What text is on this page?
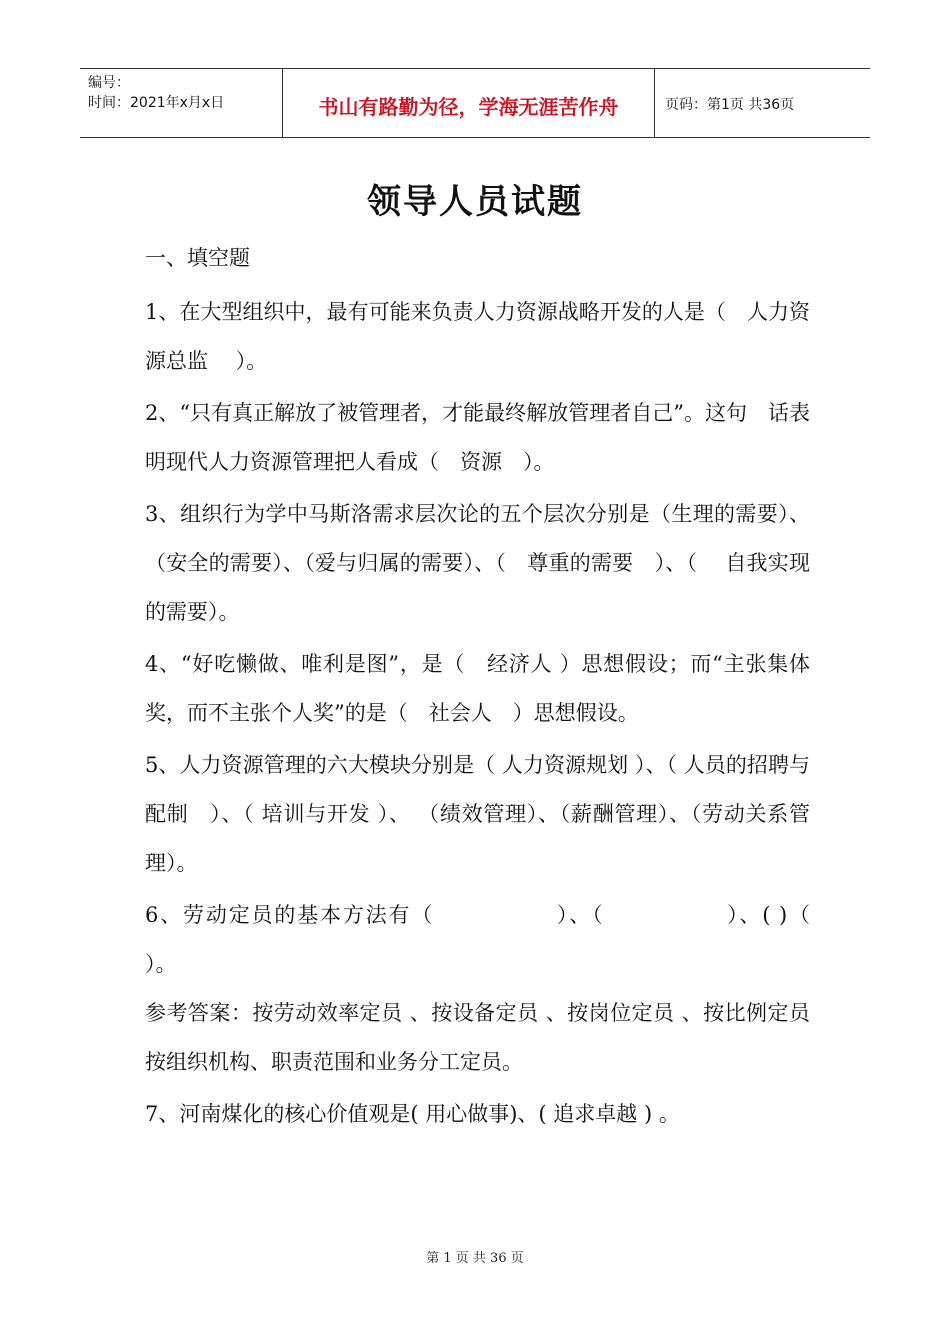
编号：
时间：2021年x月x日	书山有路勤为径，学海无涯苦作舟	页码：第1页 共36页
领导人员试题
一、填空题
1、在大型组织中，最有可能来负责人力资源战略开发的人是（　人力资源总监　 ）。
2、“只有真正解放了被管理者，才能最终解放管理者自己”。这句　话表明现代人力资源管理把人看成（　资源　）。
3、组织行为学中马斯洛需求层次论的五个层次分别是（生理的需要）、（安全的需要）、（爱与归属的需要）、（　尊重的需要　）、（　 自我实现的需要）。
4、“好吃懒做、唯利是图”，是（　经济人 ）思想假设；而“主张集体奖，而不主张个人奖”的是（　社会人　）思想假设。
5、人力资源管理的六大模块分别是（ 人力资源规划 ）、（ 人员的招聘与配制　）、（ 培训与开发 ）、 （绩效管理）、（薪酬管理）、（劳动关系管理）。
6、劳动定员的基本方法有（　　　　　 ）、（　　　　　 ）、( )（　　　　　）。
参考答案：按劳动效率定员 、按设备定员 、按岗位定员 、按比例定员 按组织机构、职责范围和业务分工定员。
7、河南煤化的核心价值观是( 用心做事)、( 追求卓越 ) 。
第 1 页 共 36 页
